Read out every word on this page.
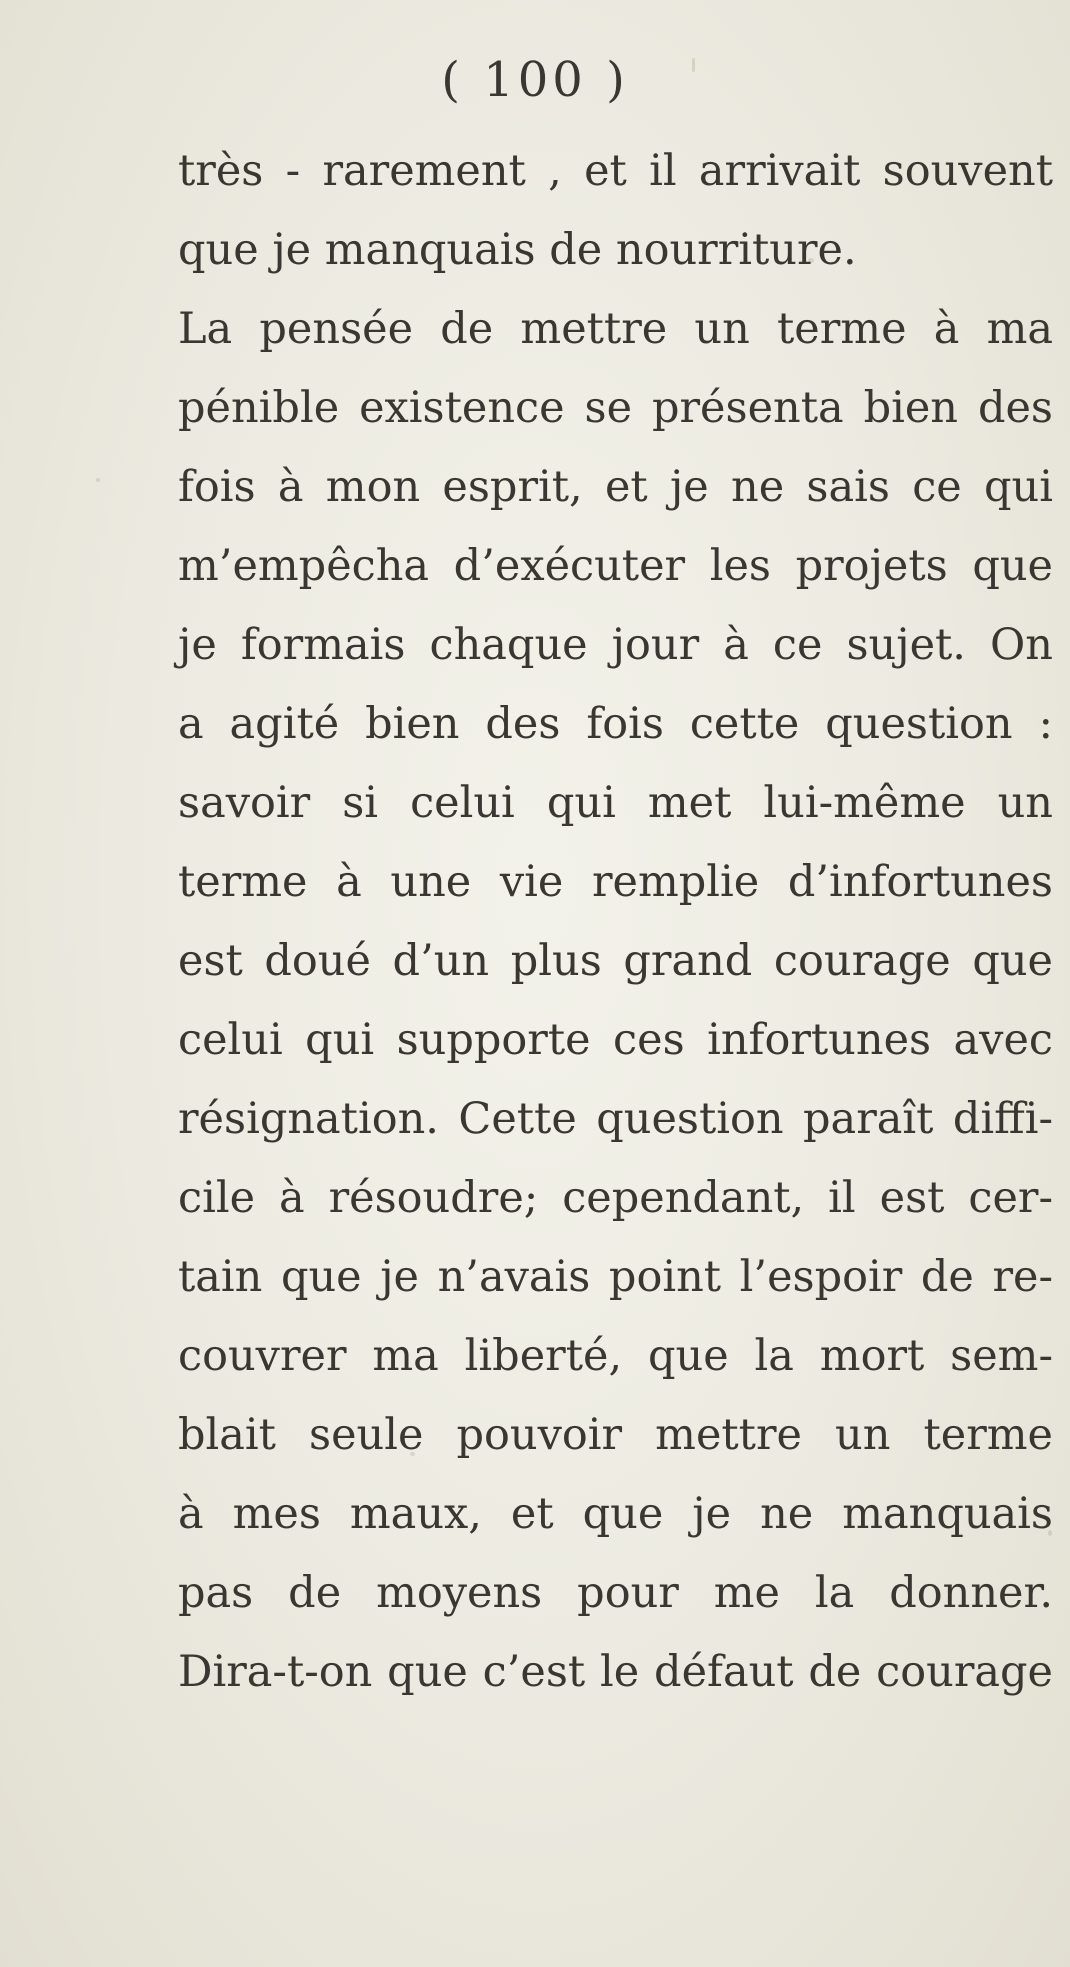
( 100 )
très - rarement , et il arrivait souvent
que je manquais de nourriture.
La pensée de mettre un terme à ma
pénible existence se présenta bien des
fois à mon esprit, et je ne sais ce qui
m’empêcha d’exécuter les projets que
je formais chaque jour à ce sujet. On
a agité bien des fois cette question :
savoir si celui qui met lui-même un
terme à une vie remplie d’infortunes
est doué d’un plus grand courage que
celui qui supporte ces infortunes avec
résignation. Cette question paraît diffi-
cile à résoudre; cependant, il est cer-
tain que je n’avais point l’espoir de re-
couvrer ma liberté, que la mort sem-
blait seule pouvoir mettre un terme
à mes maux, et que je ne manquais
pas de moyens pour me la donner.
Dira-t-on que c’est le défaut de courage
